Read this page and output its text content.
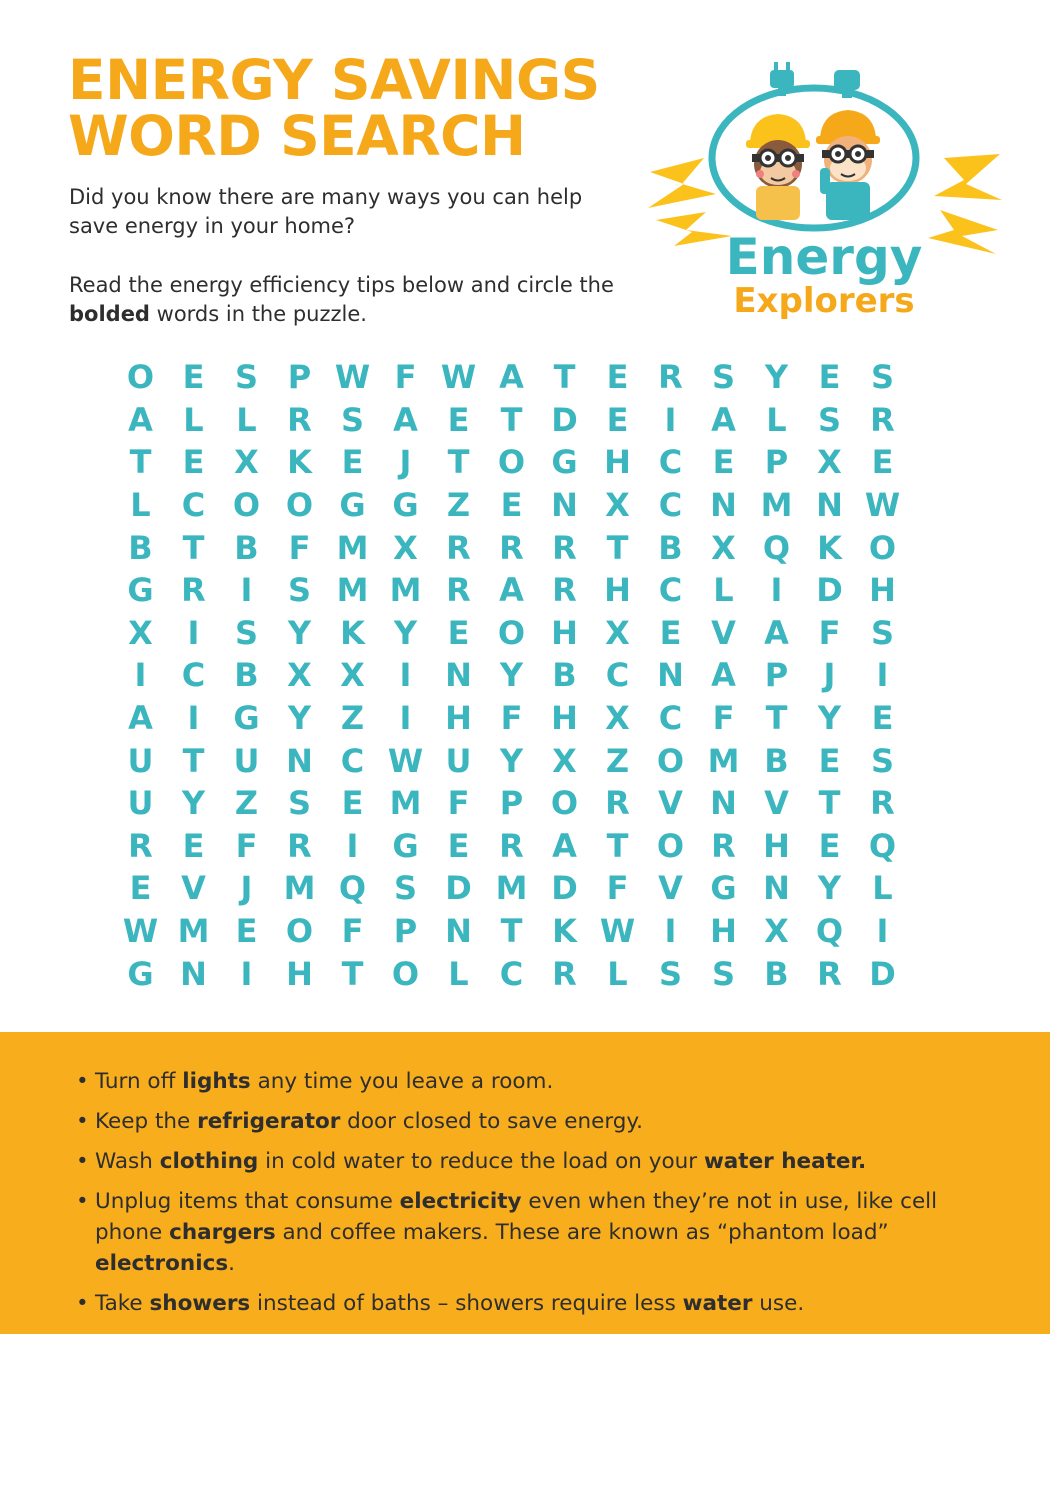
ENERGY SAVINGS
WORD SEARCH

Did you know there are many ways you can help save energy in your home?

Read the energy efficiency tips below and circle the bolded words in the puzzle.

Energy
Explorers
O E S P W F W A T E R S Y E S
A L	L R S A E T D E	I	A L S R
T E X K E	J	T O G H C E P X E
L C O O G G Z E N X C N M N W
B T B F M X R R R T B X Q K O
G R	I	S M M R A R H C L	I	D H
X	I	S Y K Y E O H X E V A F S
I	C B X X	I	N Y B C N A P	J	I
A	I	G Y Z	I	H F H X C F T Y E
U T U N C W U Y X Z O M B E S
U Y Z S E M F P O R V N V T R
R E F R	I	G E R A T O R H E Q
E V	J M Q S D M D F V G N Y L
W M E O F P N T K W I	H X Q	I
G N	I	H T O L C R L S S B R D
• Turn off lights any time you leave a room.
• Keep the refrigerator door closed to save energy.
• Wash clothing in cold water to reduce the load on your water heater.
• Unplug items that consume electricity even when they’re not in use, like cell phone chargers and coffee makers. These are known as “phantom load” electronics.
• Take showers instead of baths – showers require less water use.
